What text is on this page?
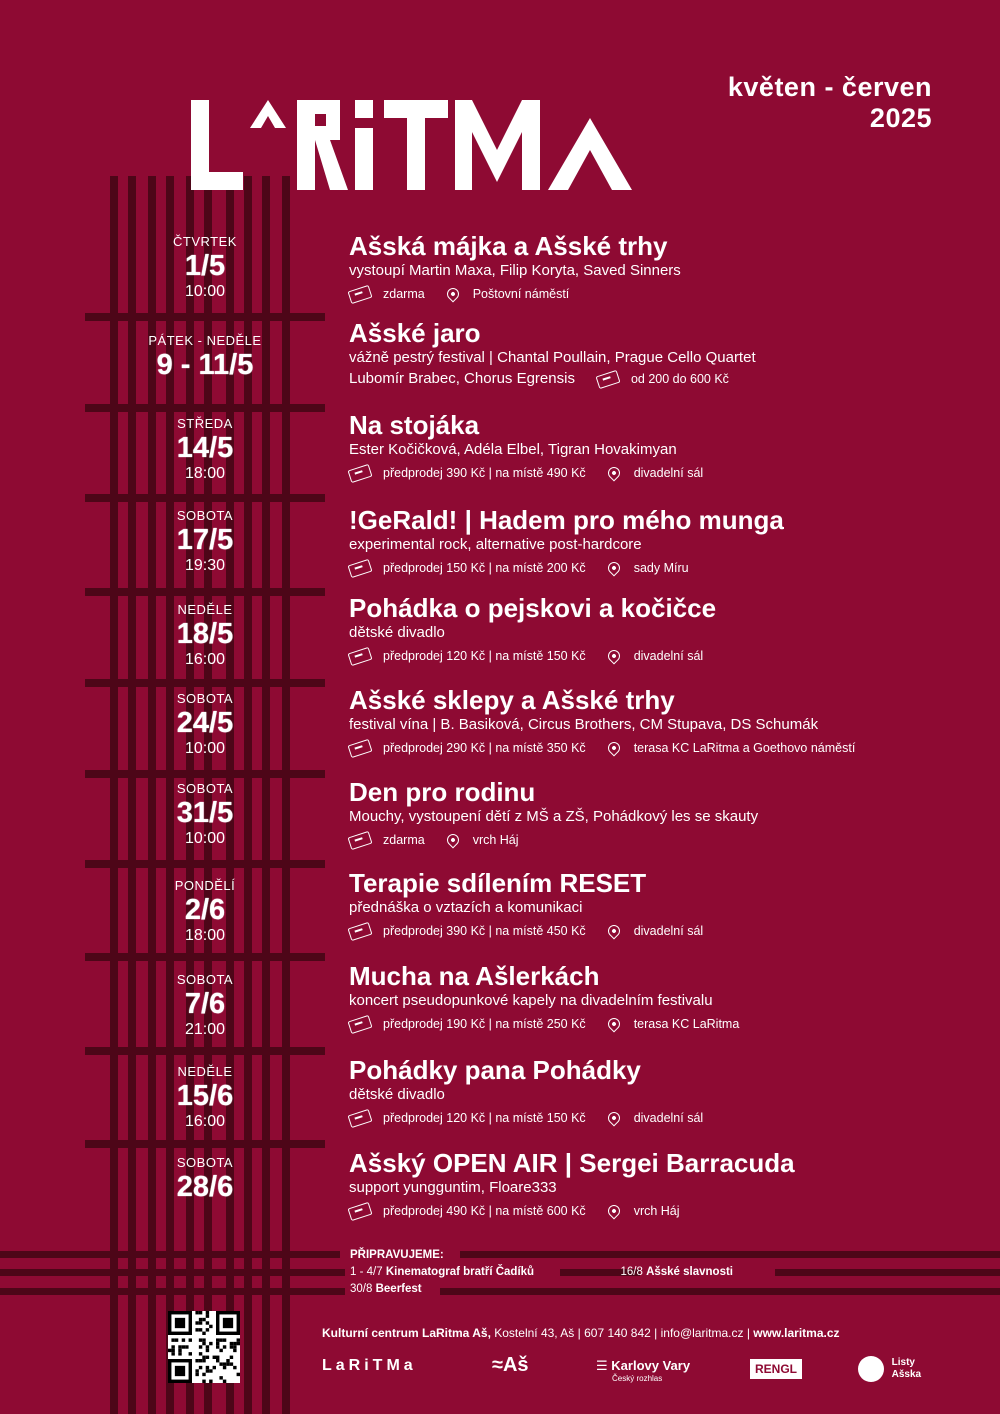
květen - červen
2025
ČTVRTEK
1/5
10:00
Ašská májka a Ašské trhy
vystoupí Martin Maxa, Filip Koryta, Saved Sinners
zdarma	Poštovní náměstí
PÁTEK - NEDĚLE
9 - 11/5
Ašské jaro
vážně pestrý festival | Chantal Poullain, Prague Cello Quartet
Lubomír Brabec, Chorus Egrensis	od 200 do 600 Kč
STŘEDA
14/5
18:00
Na stojáka
Ester Kočičková, Adéla Elbel, Tigran Hovakimyan
předprodej 390 Kč | na místě 490 Kč	divadelní sál
SOBOTA
17/5
19:30
!GeRald! | Hadem pro mého munga
experimental rock, alternative post-hardcore
předprodej 150 Kč | na místě 200 Kč	sady Míru
NEDĚLE
18/5
16:00
Pohádka o pejskovi a kočičce
dětské divadlo
předprodej 120 Kč | na místě 150 Kč	divadelní sál
SOBOTA
24/5
10:00
Ašské sklepy a Ašské trhy
festival vína | B. Basiková, Circus Brothers, CM Stupava, DS Schumák
předprodej 290 Kč | na místě 350 Kč	terasa KC LaRitma a Goethovo náměstí
SOBOTA
31/5
10:00
Den pro rodinu
Mouchy, vystoupení dětí z MŠ a ZŠ, Pohádkový les se skauty
zdarma	vrch Háj
PONDĚLÍ
2/6
18:00
Terapie sdílením RESET
přednáška o vztazích a komunikaci
předprodej 390 Kč | na místě 450 Kč	divadelní sál
SOBOTA
7/6
21:00
Mucha na Ašlerkách
koncert pseudopunkové kapely na divadelním festivalu
předprodej 190 Kč | na místě 250 Kč	terasa KC LaRitma
NEDĚLE
15/6
16:00
Pohádky pana Pohádky
dětské divadlo
předprodej 120 Kč | na místě 150 Kč	divadelní sál
SOBOTA
28/6
Ašský OPEN AIR | Sergei Barracuda
support yungguntim, Floare333
předprodej 490 Kč | na místě 600 Kč	vrch Háj
PŘIPRAVUJEME:
1 - 4/7 Kinematograf bratří Čadíků	16/8 Ašské slavnosti
30/8 Beerfest
Kulturní centrum LaRitma Aš, Kostelní 43, Aš | 607 140 842 | info@laritma.cz | www.laritma.cz
LaRiTMa	≈Aš	☰ Karlovy Vary
Český rozhlas
RENGL	Listy
Ašska
